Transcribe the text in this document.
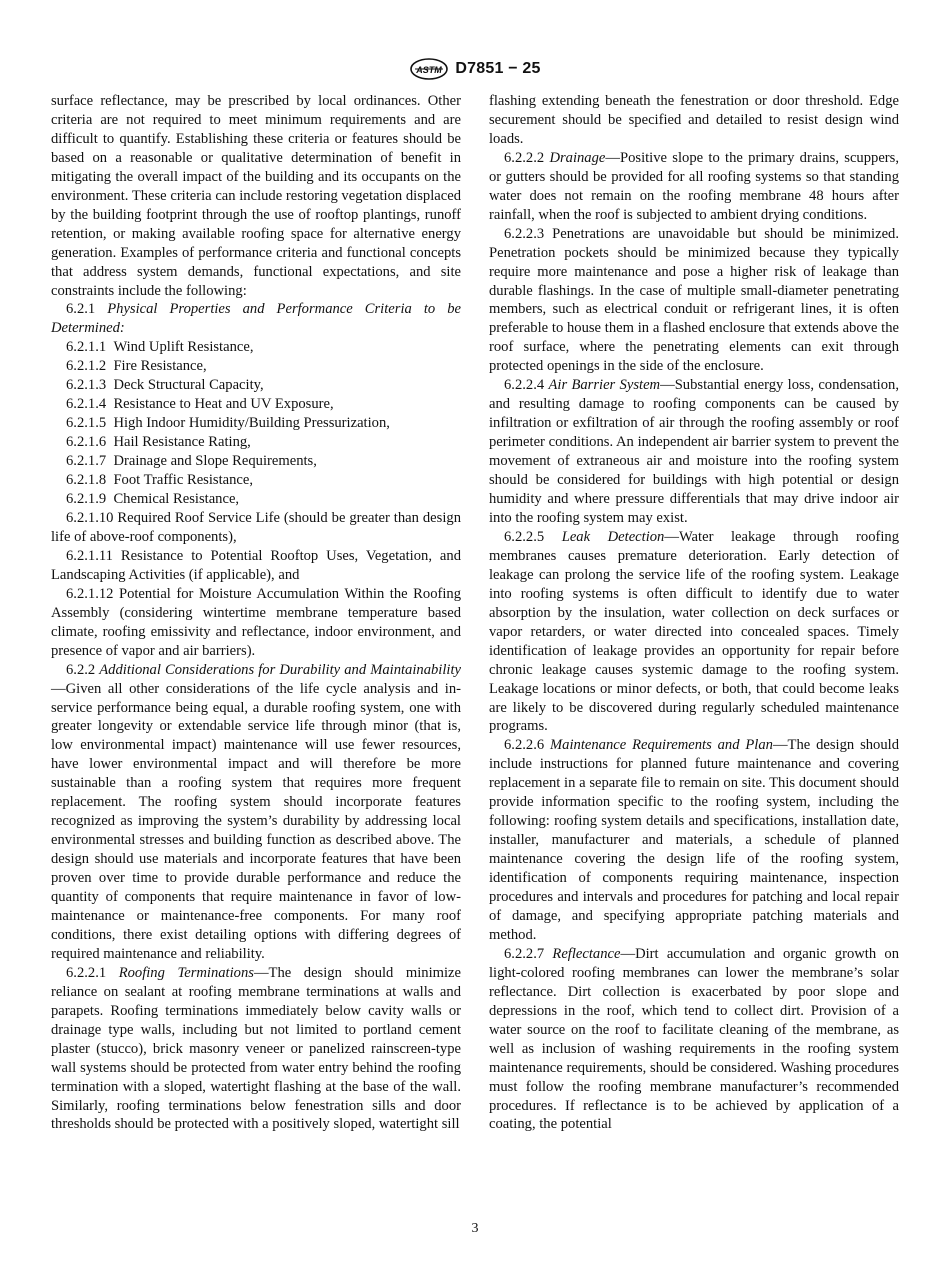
ASTM D7851 − 25

surface reflectance, may be prescribed by local ordinances. Other criteria are not required to meet minimum requirements and are difficult to quantify. Establishing these criteria or features should be based on a reasonable or qualitative determination of benefit in mitigating the overall impact of the building and its occupants on the environment. These criteria can include restoring vegetation displaced by the building footprint through the use of rooftop plantings, runoff retention, or making available roofing space for alternative energy generation. Examples of performance criteria and functional concepts that address system demands, functional expectations, and site constraints include the following:

6.2.1 Physical Properties and Performance Criteria to be Determined:

6.2.1.1 Wind Uplift Resistance,

6.2.1.2 Fire Resistance,

6.2.1.3 Deck Structural Capacity,

6.2.1.4 Resistance to Heat and UV Exposure,

6.2.1.5 High Indoor Humidity/Building Pressurization,

6.2.1.6 Hail Resistance Rating,

6.2.1.7 Drainage and Slope Requirements,

6.2.1.8 Foot Traffic Resistance,

6.2.1.9 Chemical Resistance,

6.2.1.10 Required Roof Service Life (should be greater than design life of above-roof components),

6.2.1.11 Resistance to Potential Rooftop Uses, Vegetation, and Landscaping Activities (if applicable), and

6.2.1.12 Potential for Moisture Accumulation Within the Roofing Assembly (considering wintertime membrane temperature based climate, roofing emissivity and reflectance, indoor environment, and presence of vapor and air barriers).

6.2.2 Additional Considerations for Durability and Maintainability—Given all other considerations of the life cycle analysis and in-service performance being equal, a durable roofing system, one with greater longevity or extendable service life through minor (that is, low environmental impact) maintenance will use fewer resources, have lower environmental impact and will therefore be more sustainable than a roofing system that requires more frequent replacement. The roofing system should incorporate features recognized as improving the system’s durability by addressing local environmental stresses and building function as described above. The design should use materials and incorporate features that have been proven over time to provide durable performance and reduce the quantity of components that require maintenance in favor of low-maintenance or maintenance-free components. For many roof conditions, there exist detailing options with differing degrees of required maintenance and reliability.

6.2.2.1 Roofing Terminations—The design should minimize reliance on sealant at roofing membrane terminations at walls and parapets. Roofing terminations immediately below cavity walls or drainage type walls, including but not limited to portland cement plaster (stucco), brick masonry veneer or panelized rainscreen-type wall systems should be protected from water entry behind the roofing termination with a sloped, watertight flashing at the base of the wall. Similarly, roofing terminations below fenestration sills and door thresholds should be protected with a positively sloped, watertight sill

flashing extending beneath the fenestration or door threshold. Edge securement should be specified and detailed to resist design wind loads.

6.2.2.2 Drainage—Positive slope to the primary drains, scuppers, or gutters should be provided for all roofing systems so that standing water does not remain on the roofing membrane 48 hours after rainfall, when the roof is subjected to ambient drying conditions.

6.2.2.3 Penetrations are unavoidable but should be minimized. Penetration pockets should be minimized because they typically require more maintenance and pose a higher risk of leakage than durable flashings. In the case of multiple small-diameter penetrating members, such as electrical conduit or refrigerant lines, it is often preferable to house them in a flashed enclosure that extends above the roof surface, where the penetrating elements can exit through protected openings in the side of the enclosure.

6.2.2.4 Air Barrier System—Substantial energy loss, condensation, and resulting damage to roofing components can be caused by infiltration or exfiltration of air through the roofing assembly or roof perimeter conditions. An independent air barrier system to prevent the movement of extraneous air and moisture into the roofing system should be considered for buildings with high potential or design humidity and where pressure differentials that may drive indoor air into the roofing system may exist.

6.2.2.5 Leak Detection—Water leakage through roofing membranes causes premature deterioration. Early detection of leakage can prolong the service life of the roofing system. Leakage into roofing systems is often difficult to identify due to water absorption by the insulation, water collection on deck surfaces or vapor retarders, or water directed into concealed spaces. Timely identification of leakage provides an opportunity for repair before chronic leakage causes systemic damage to the roofing system. Leakage locations or minor defects, or both, that could become leaks are likely to be discovered during regularly scheduled maintenance programs.

6.2.2.6 Maintenance Requirements and Plan—The design should include instructions for planned future maintenance and covering replacement in a separate file to remain on site. This document should provide information specific to the roofing system, including the following: roofing system details and specifications, installation date, installer, manufacturer and materials, a schedule of planned maintenance covering the design life of the roofing system, identification of components requiring maintenance, inspection procedures and intervals and procedures for patching and local repair of damage, and specifying appropriate patching materials and method.

6.2.2.7 Reflectance—Dirt accumulation and organic growth on light-colored roofing membranes can lower the membrane’s solar reflectance. Dirt collection is exacerbated by poor slope and depressions in the roof, which tend to collect dirt. Provision of a water source on the roof to facilitate cleaning of the membrane, as well as inclusion of washing requirements in the roofing system maintenance requirements, should be considered. Washing procedures must follow the roofing membrane manufacturer’s recommended procedures. If reflectance is to be achieved by application of a coating, the potential

3
